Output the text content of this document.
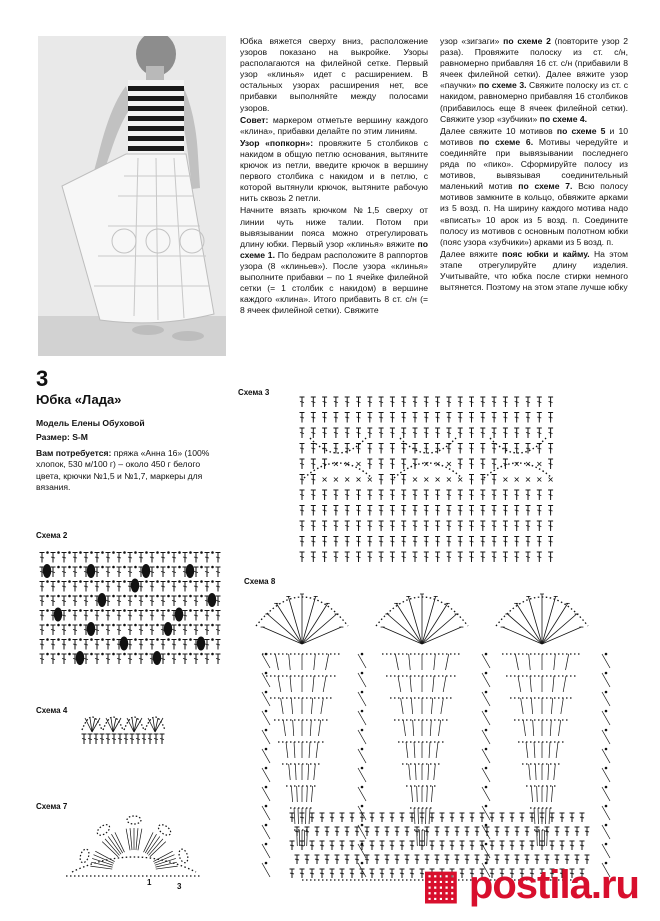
Юбка вяжется сверху вниз, расположение узоров показано на выкройке. Узоры располагаются на филейной сетке. Первый узор «клинья» идет с расширением. В остальных узорах расширения нет, все прибавки выполняйте между полосами узоров.

Совет: маркером отметьте вершину каждого «клина», прибавки делайте по этим линиям.

Узор «попкорн»: провяжите 5 столбиков с накидом в общую петлю основания, вытяните крючок из петли, введите крючок в вершину первого столбика с накидом и в петлю, с которой вытянули крючок, вытяните рабочую нить сквозь 2 петли.

Начните вязать крючком №1,5 сверху от линии чуть ниже талии. Потом при вывязывании пояса можно отрегулировать длину юбки. Первый узор «клинья» вяжите по схеме 1. По бедрам расположите 8 раппортов узора (8 «клиньев»). После узора «клинья» выполните прибавки – по 1 ячейке филейной сетки (= 1 столбик с накидом) в вершине каждого «клина». Итого прибавить 8 ст. с/н (= 8 ячеек филейной сетки). Свяжите

узор «зигзаги» по схеме 2 (повторите узор 2 раза). Провяжите полоску из ст. с/н, равномерно прибавляя 16 ст. с/н (прибавили 8 ячеек филейной сетки). Далее вяжите узор «паучки» по схеме 3. Свяжите полоску из ст. с накидом, равномерно прибавляя 16 столбиков (прибавилось еще 8 ячеек филейной сетки). Свяжите узор «зубчики» по схеме 4.

Далее свяжите 10 мотивов по схеме 5 и 10 мотивов по схеме 6. Мотивы чередуйте и соединяйте при вывязывании последнего ряда по «пико». Сформируйте полосу из мотивов, вывязывая соединительный маленький мотив по схеме 7. Всю полосу мотивов замкните в кольцо, обвяжите арками из 5 возд. п. На ширину каждого мотива надо «вписать» 10 арок из 5 возд. п. Соедините полосу из мотивов с основным полотном юбки (пояс узора «зубчики») арками из 5 возд. п.

Далее вяжите пояс юбки и кайму. На этом этапе отрегулируйте длину изделия. Учитывайте, что юбка после стирки немного вытянется. Поэтому на этом этапе лучше юбку

3
Юбка «Лада»
Модель Елены Обуховой
Размер: S-M
Вам потребуется: пряжа «Анна 16» (100% хлопок, 530 м/100 г) – около 450 г белого цвета, крючки №1,5 и №1,7, маркеры для вязания.
Схема 2
Схема 3
Схема 4
Схема 7
Схема 8
1	3	▦ postila.ru
